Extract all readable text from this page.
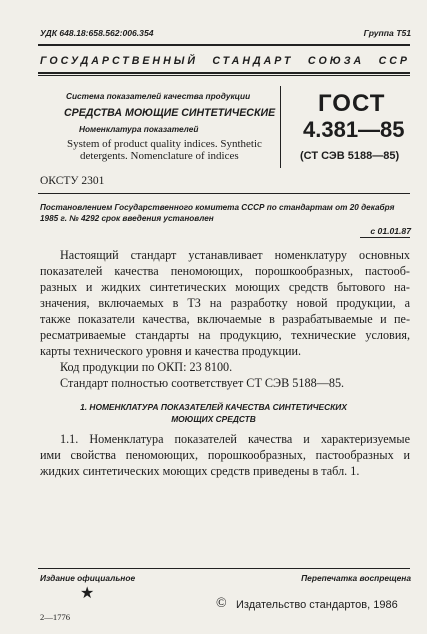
УДК 648.18:658.562:006.354	Группа Т51
ГОСУДАРСТВЕННЫЙ СТАНДАРТ СОЮЗА ССР
Система показателей качества продукции
СРЕДСТВА МОЮЩИЕ СИНТЕТИЧЕСКИЕ
Номенклатура показателей
System of product quality indices. Synthetic
detergents. Nomenclature of indices
ГОСТ
4.381—85
(СТ СЭВ 5188—85)
ОКСТУ 2301
Постановлением Государственного комитета СССР по стандартам от 20 декабря
1985 г. № 4292 срок введения установлен
с 01.01.87
Настоящий стандарт устанавливает номенклатуру основных
показателей качества пеномоющих, порошкообразных, пастооб-
разных и жидких синтетических моющих средств бытового на-
значения, включаемых в ТЗ на разработку новой продукции, а
также показатели качества, включаемые в разрабатываемые и пе-
ресматриваемые стандарты на продукцию, технические условия,
карты технического уровня и качества продукции.
Код продукции по ОКП: 23 8100.
Стандарт полностью соответствует СТ СЭВ 5188—85.
1. НОМЕНКЛАТУРА ПОКАЗАТЕЛЕЙ КАЧЕСТВА СИНТЕТИЧЕСКИХ
МОЮЩИХ СРЕДСТВ
1.1. Номенклатура показателей качества и характеризуемые
ими свойства пеномоющих, порошкообразных, пастообразных и
жидких синтетических моющих средств приведены в табл. 1.
Издание официальное	Перепечатка воспрещена
★
© Издательство стандартов, 1986
2—1776
